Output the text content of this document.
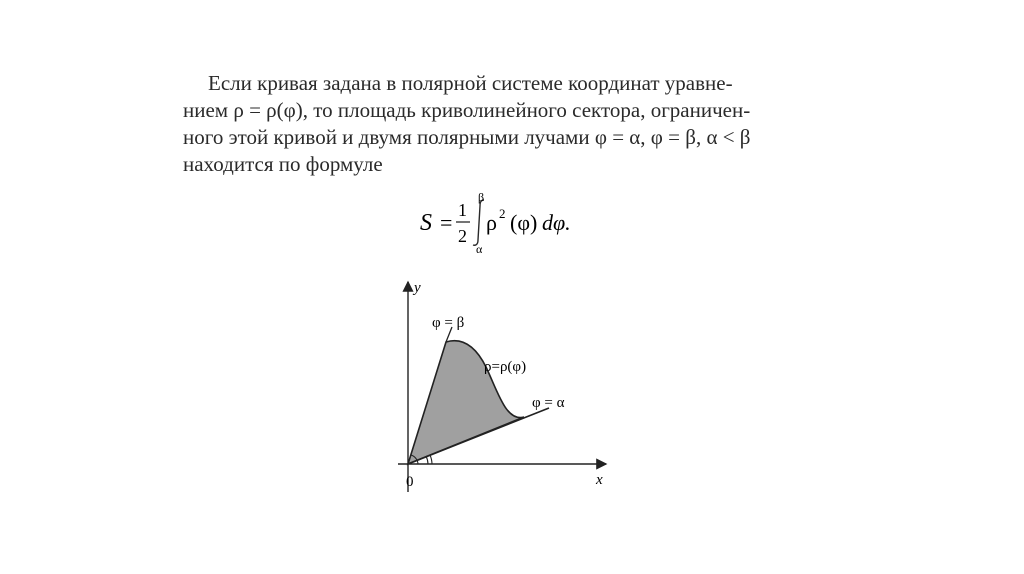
Если кривая задана в полярной системе координат уравне-
нием ρ = ρ(φ), то площадь криволинейного сектора, ограничен-
ного этой кривой и двумя полярными лучами φ = α, φ = β, α < β
находится по формуле
S = 1
2
β
α
ρ 2 (φ) dφ.
y
x
0
φ = β
ρ=ρ(φ)
φ = α
